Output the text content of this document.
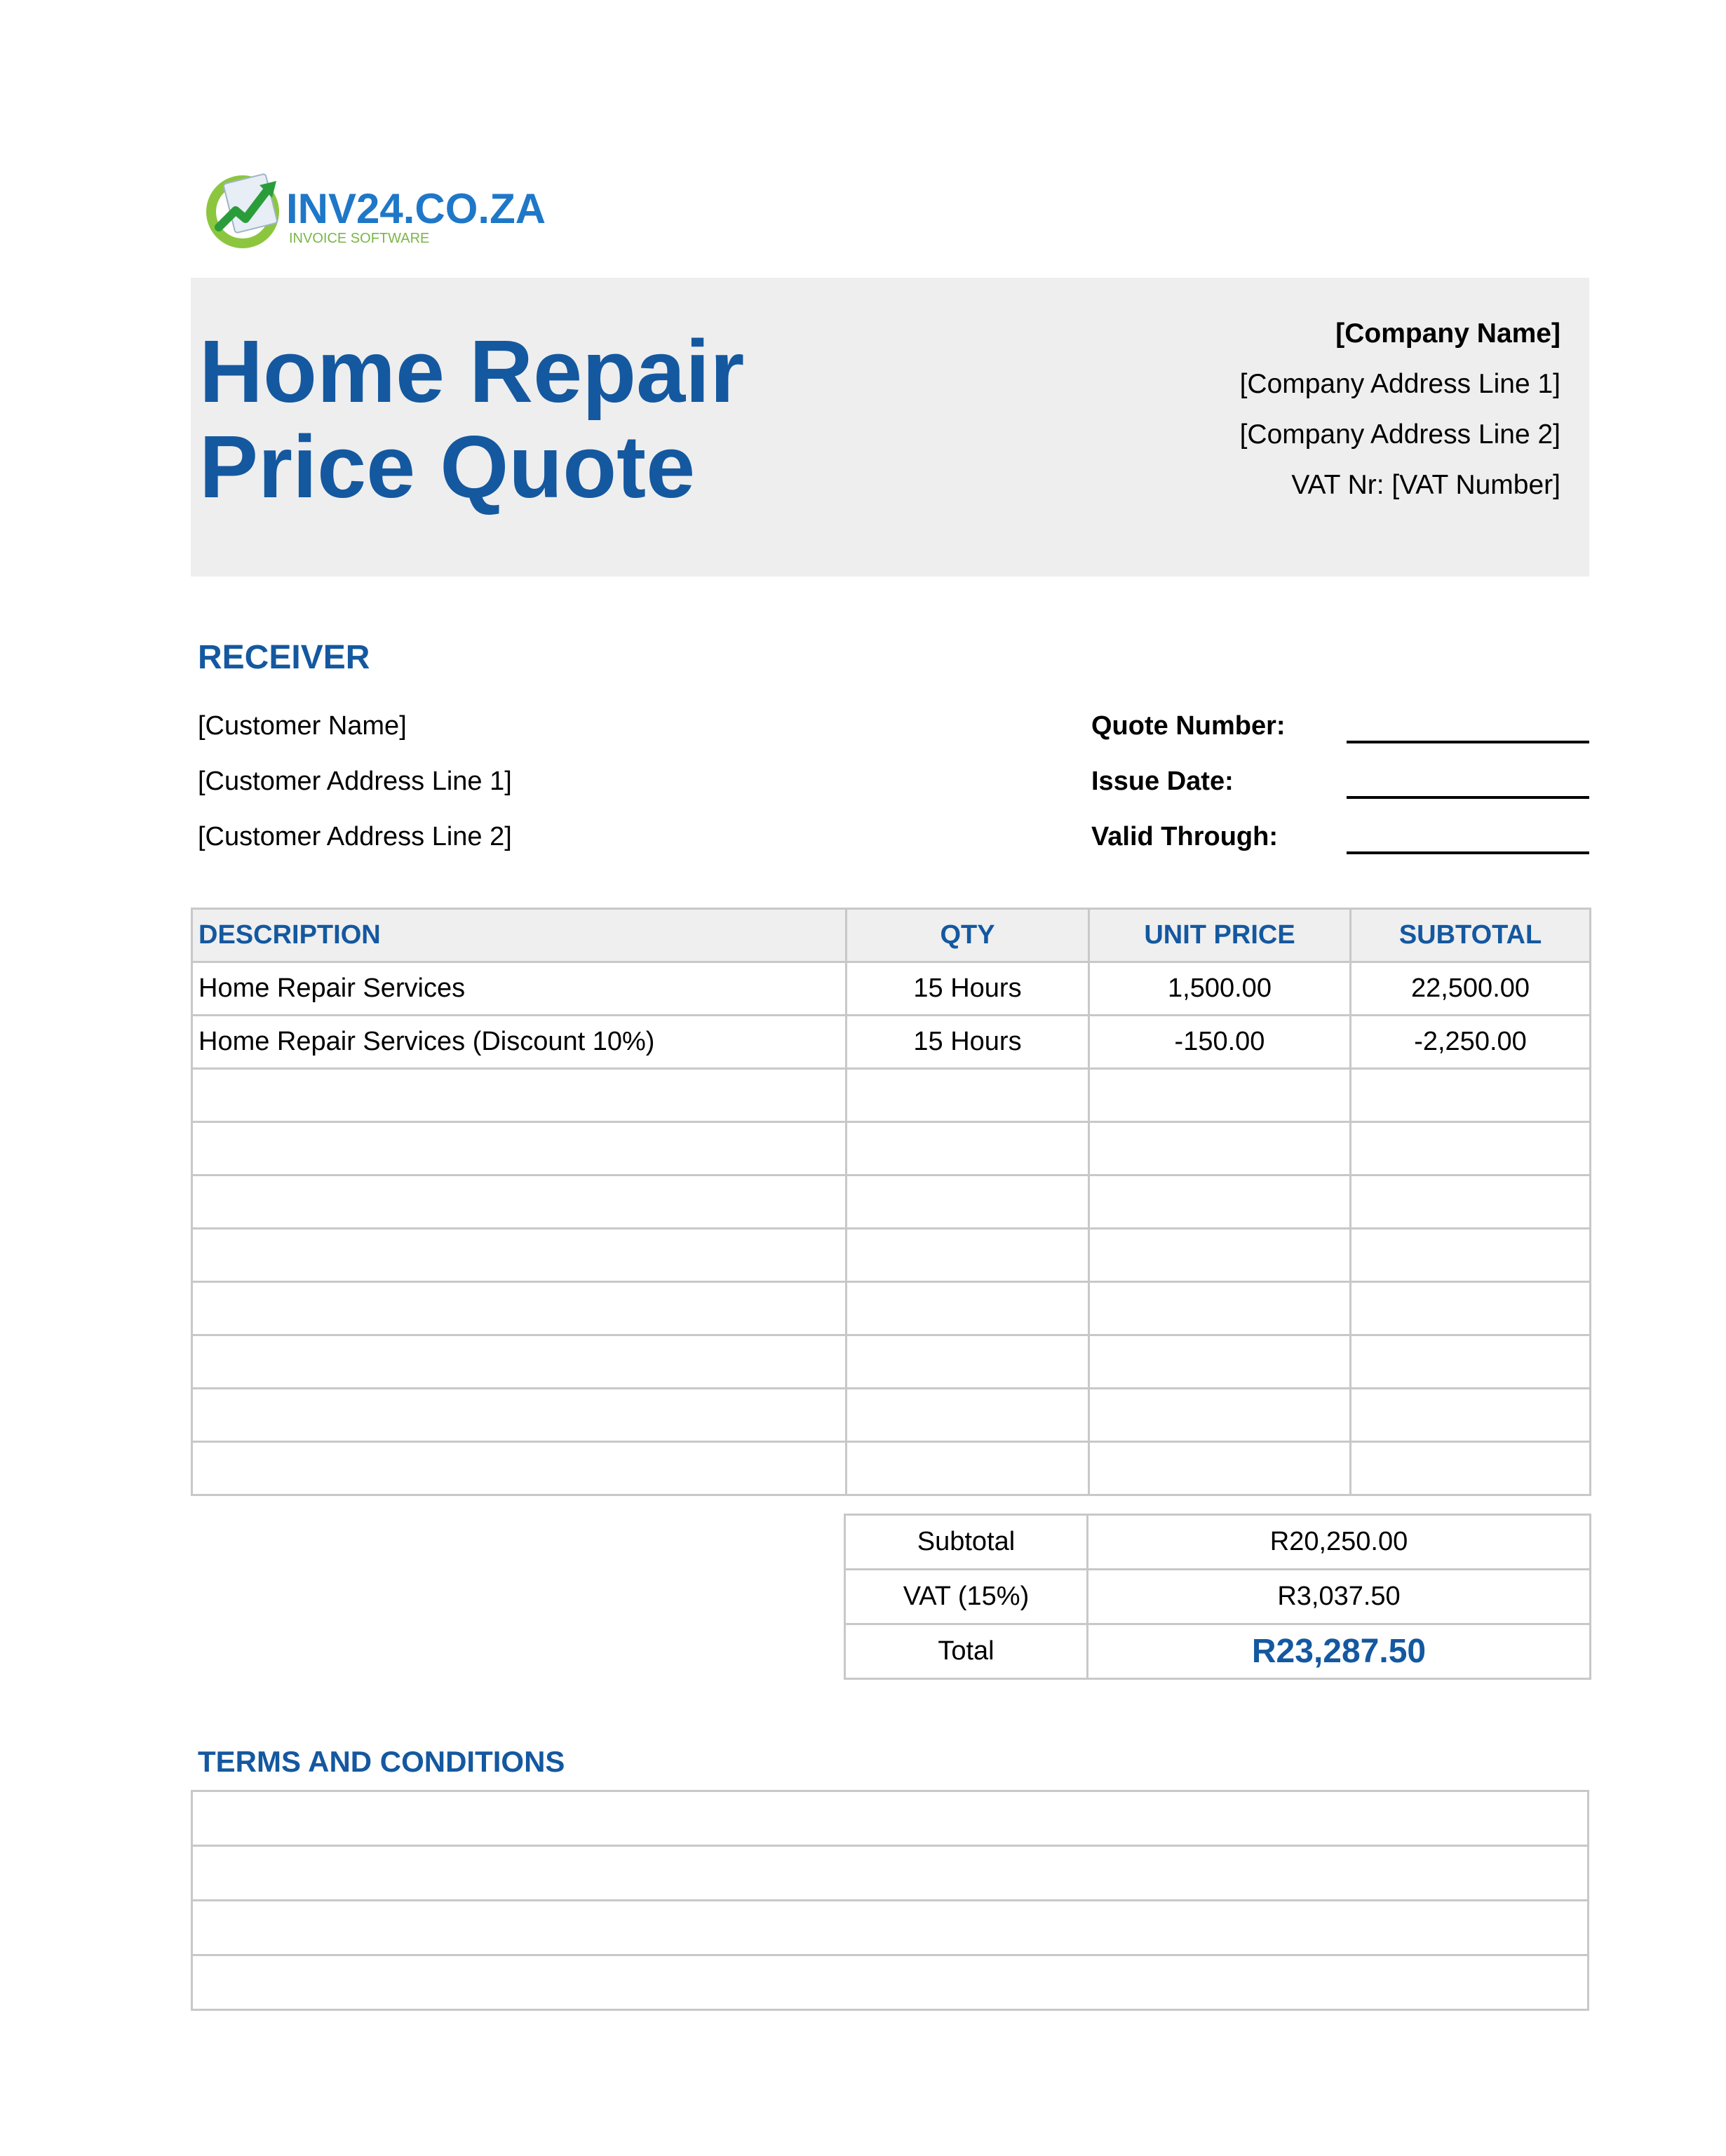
INV24.CO.ZA
INVOICE SOFTWARE
Home Repair
Price Quote
[Company Name]
[Company Address Line 1]
[Company Address Line 2]
VAT Nr: [VAT Number]
RECEIVER
[Customer Name]
[Customer Address Line 1]
[Customer Address Line 2]
Quote Number:
Issue Date:
Valid Through:
DESCRIPTION	QTY	UNIT PRICE	SUBTOTAL
Home Repair Services	15 Hours	1,500.00	22,500.00
Home Repair Services (Discount 10%)	15 Hours	-150.00	-2,250.00

Subtotal	R20,250.00
VAT (15%)	R3,037.50
Total	R23,287.50
TERMS AND CONDITIONS
